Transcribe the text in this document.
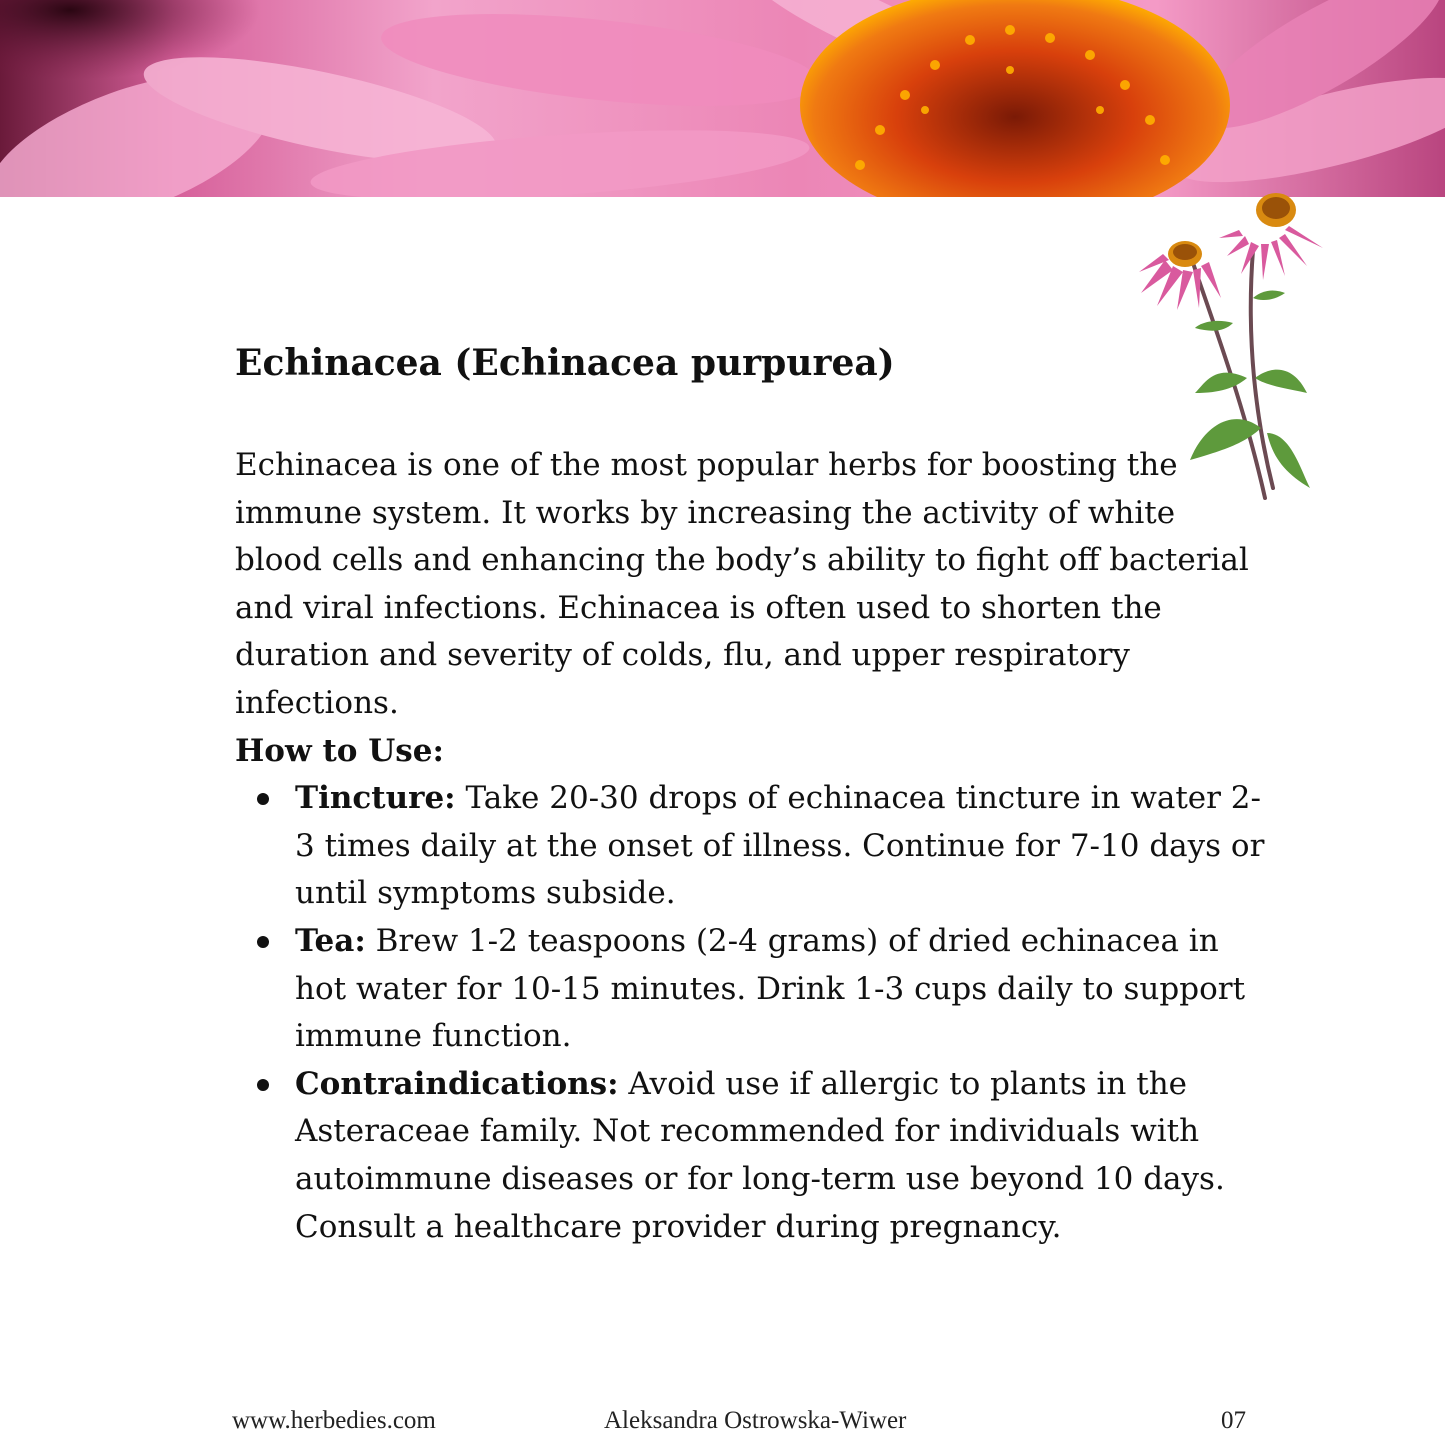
Echinacea (Echinacea purpurea)

Echinacea is one of the most popular herbs for boosting the immune system. It works by increasing the activity of white blood cells and enhancing the body’s ability to fight off bacterial and viral infections. Echinacea is often used to shorten the duration and severity of colds, flu, and upper respiratory infections.

How to Use:

Tincture: Take 20-30 drops of echinacea tincture in water 2-3 times daily at the onset of illness. Continue for 7-10 days or until symptoms subside.
Tea: Brew 1-2 teaspoons (2-4 grams) of dried echinacea in hot water for 10-15 minutes. Drink 1-3 cups daily to support immune function.
Contraindications: Avoid use if allergic to plants in the Asteraceae family. Not recommended for individuals with autoimmune diseases or for long-term use beyond 10 days. Consult a healthcare provider during pregnancy.
www.herbedies.com	Aleksandra Ostrowska-Wiwer	07
